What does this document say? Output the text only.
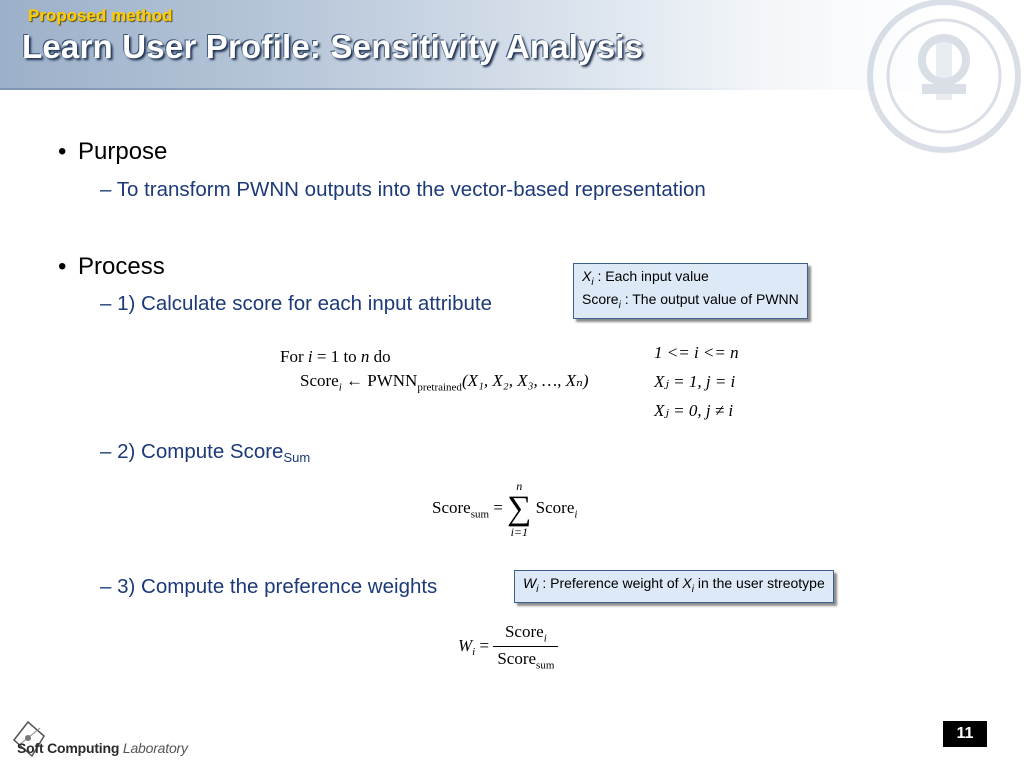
Proposed method
Learn User Profile: Sensitivity Analysis
• Purpose
– To transform PWNN outputs into the vector-based representation
• Process
– 1) Calculate score for each input attribute
$X_i$ : Each input value
Score$_i$ : The output value of PWNN
For i = 1 to n do
Score$_i$ ← $PWNN_{pretrained}(X_1$, X₂, X₃, …, Xₙ)
1 <= i <= n
Xⱼ = 1, j = i
Xⱼ = 0, j ≠ i
– 2) Compute Score$_{Sum}$
Score$_{sum}$ =
n
∑
i=1
Score$_i$
– 3) Compute the preference weights	$W_i$ : Preference weight of $X_i$ in the user streotype
$W_i = \frac{Score_i}{Score_{sum}}$
Soft Computing Laboratory
11
